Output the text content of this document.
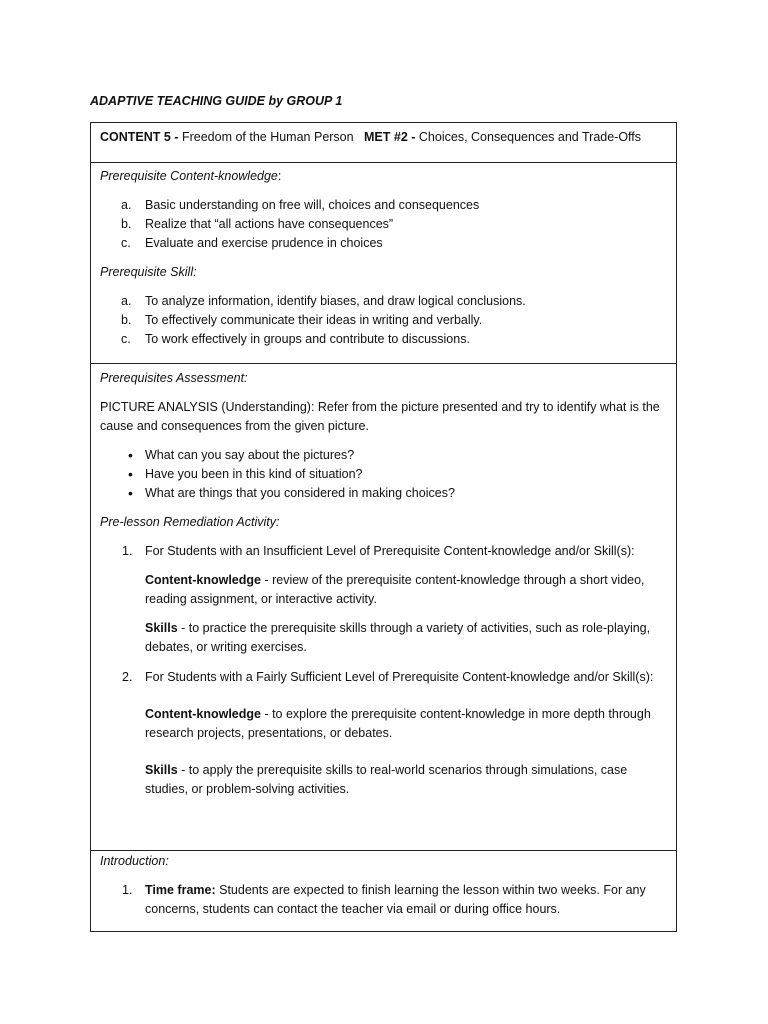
ADAPTIVE TEACHING GUIDE by GROUP 1
CONTENT 5 - Freedom of the Human Person MET #2 - Choices, Consequences and Trade-Offs

Prerequisite Content-knowledge:

a.	Basic understanding on free will, choices and consequences
b.	Realize that “all actions have consequences”
c.	Evaluate and exercise prudence in choices

Prerequisite Skill:

a.	To analyze information, identify biases, and draw logical conclusions.
b.	To effectively communicate their ideas in writing and verbally.
c.	To work effectively in groups and contribute to discussions.

Prerequisites Assessment:

PICTURE ANALYSIS (Understanding): Refer from the picture presented and try to identify what is the cause and consequences from the given picture.

• What can you say about the pictures?
• Have you been in this kind of situation?
• What are things that you considered in making choices?

Pre-lesson Remediation Activity:

1.	For Students with an Insufficient Level of Prerequisite Content-knowledge and/or Skill(s):

Content-knowledge - review of the prerequisite content-knowledge through a short video, reading assignment, or interactive activity.

Skills - to practice the prerequisite skills through a variety of activities, such as role-playing, debates, or writing exercises.

2.	For Students with a Fairly Sufficient Level of Prerequisite Content-knowledge and/or Skill(s):

Content-knowledge - to explore the prerequisite content-knowledge in more depth through research projects, presentations, or debates.

Skills - to apply the prerequisite skills to real-world scenarios through simulations, case studies, or problem-solving activities.

Introduction:

1.	Time frame: Students are expected to finish learning the lesson within two weeks. For any concerns, students can contact the teacher via email or during office hours.
